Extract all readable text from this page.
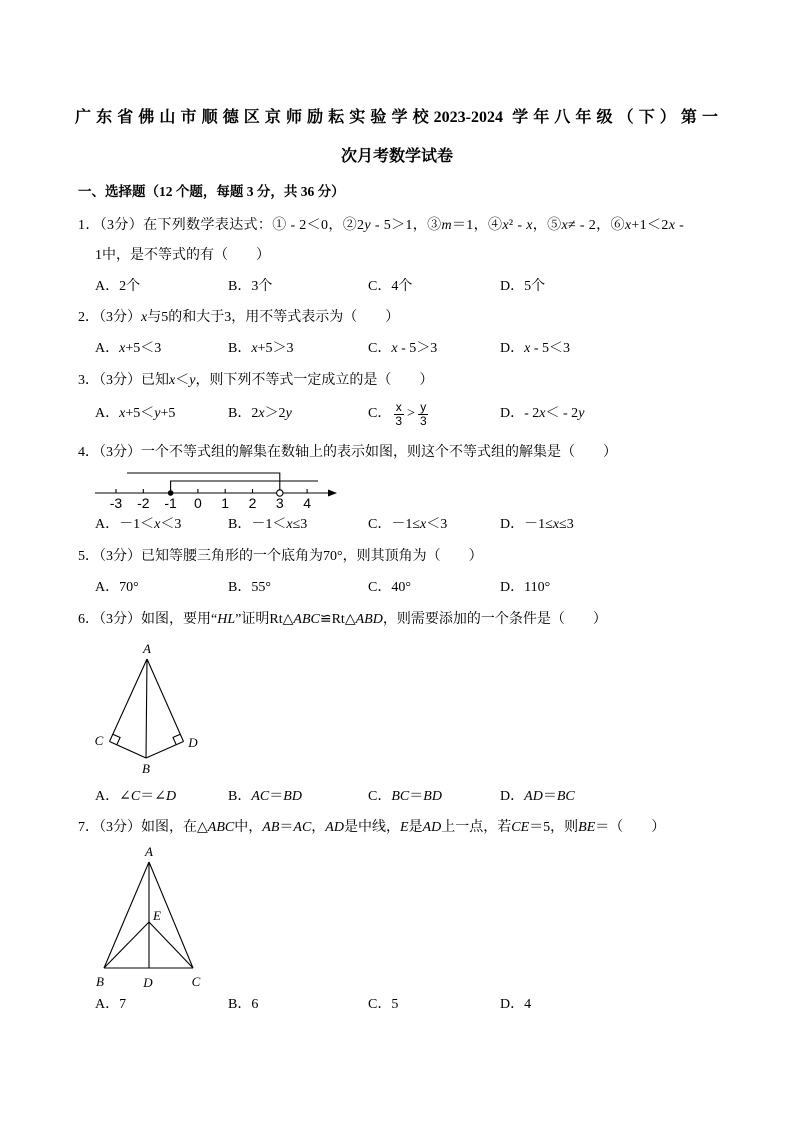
广东省佛山市顺德区京师励耘实验学校2023-2024 学年八年级（下）第一
次月考数学试卷
一、选择题（12 个题，每题 3 分，共 36 分）
1．（3分）在下列数学表达式：① - 2＜0，②2y - 5＞1，③m＝1，④x² - x，⑤x≠ - 2，⑥x+1＜2x -
1中，是不等式的有（　　）
A．2个	B．3个	C．4个	D．5个
2．（3分）x与5的和大于3，用不等式表示为（　　）
A．x+5＜3	B．x+5＞3	C．x - 5＞3	D．x - 5＜3
3．（3分）已知x＜y，则下列不等式一定成立的是（　　）
A．x+5＜y+5	B．2x＞2y	C． $\frac{x}{3} > \frac{y}{3}$	D．- 2x＜ - 2y
4．（3分）一个不等式组的解集在数轴上的表示如图，则这个不等式组的解集是（　　）
-3 -2 -1 0 1 2 3 4
A．－1＜x＜3	B．－1＜x≤3	C．－1≤x＜3	D．－1≤x≤3
5．（3分）已知等腰三角形的一个底角为70°，则其顶角为（　　）
A．70°	B．55°	C．40°	D．110°
6．（3分）如图，要用“HL”证明Rt△ABC≌Rt△ABD，则需要添加的一个条件是（　　）
A
C
B
D
A．∠C＝∠D	B．AC＝BD	C．BC＝BD	D．AD＝BC
7．（3分）如图，在△ABC中，AB＝AC，AD是中线，E是AD上一点，若CE＝5，则BE＝（　　）
A
E
B	D	C
A．7	B．6	C．5	D．4
